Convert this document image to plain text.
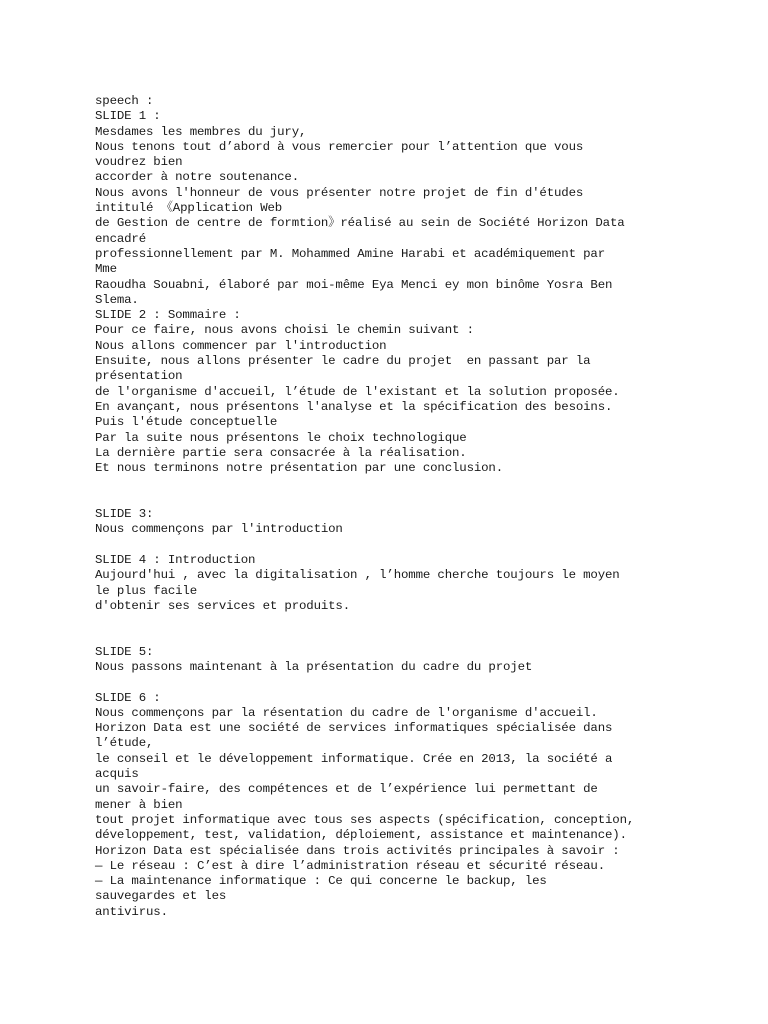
speech :
SLIDE 1 :
Mesdames les membres du jury,
Nous tenons tout d’abord à vous remercier pour l’attention que vous
voudrez bien
accorder à notre soutenance.
Nous avons l'honneur de vous présenter notre projet de fin d'études
intitulé 《Application Web
de Gestion de centre de formtion》réalisé au sein de Société Horizon Data
encadré
professionnellement par M. Mohammed Amine Harabi et académiquement par
Mme
Raoudha Souabni, élaboré par moi-même Eya Menci ey mon binôme Yosra Ben
Slema.
SLIDE 2 : Sommaire :
Pour ce faire, nous avons choisi le chemin suivant :
Nous allons commencer par l'introduction
Ensuite, nous allons présenter le cadre du projet  en passant par la
présentation
de l'organisme d'accueil, l’étude de l'existant et la solution proposée.
En avançant, nous présentons l'analyse et la spécification des besoins.
Puis l'étude conceptuelle
Par la suite nous présentons le choix technologique
La dernière partie sera consacrée à la réalisation.
Et nous terminons notre présentation par une conclusion.
SLIDE 3:
Nous commençons par l'introduction
SLIDE 4 : Introduction
Aujourd'hui , avec la digitalisation , l’homme cherche toujours le moyen
le plus facile
d'obtenir ses services et produits.
SLIDE 5:
Nous passons maintenant à la présentation du cadre du projet
SLIDE 6 :
Nous commençons par la résentation du cadre de l'organisme d'accueil.
Horizon Data est une société de services informatiques spécialisée dans
l’étude,
le conseil et le développement informatique. Crée en 2013, la société a
acquis
un savoir-faire, des compétences et de l’expérience lui permettant de
mener à bien
tout projet informatique avec tous ses aspects (spécification, conception,
développement, test, validation, déploiement, assistance et maintenance).
Horizon Data est spécialisée dans trois activités principales à savoir :
— Le réseau : C’est à dire l’administration réseau et sécurité réseau.
— La maintenance informatique : Ce qui concerne le backup, les
sauvegardes et les
antivirus.
